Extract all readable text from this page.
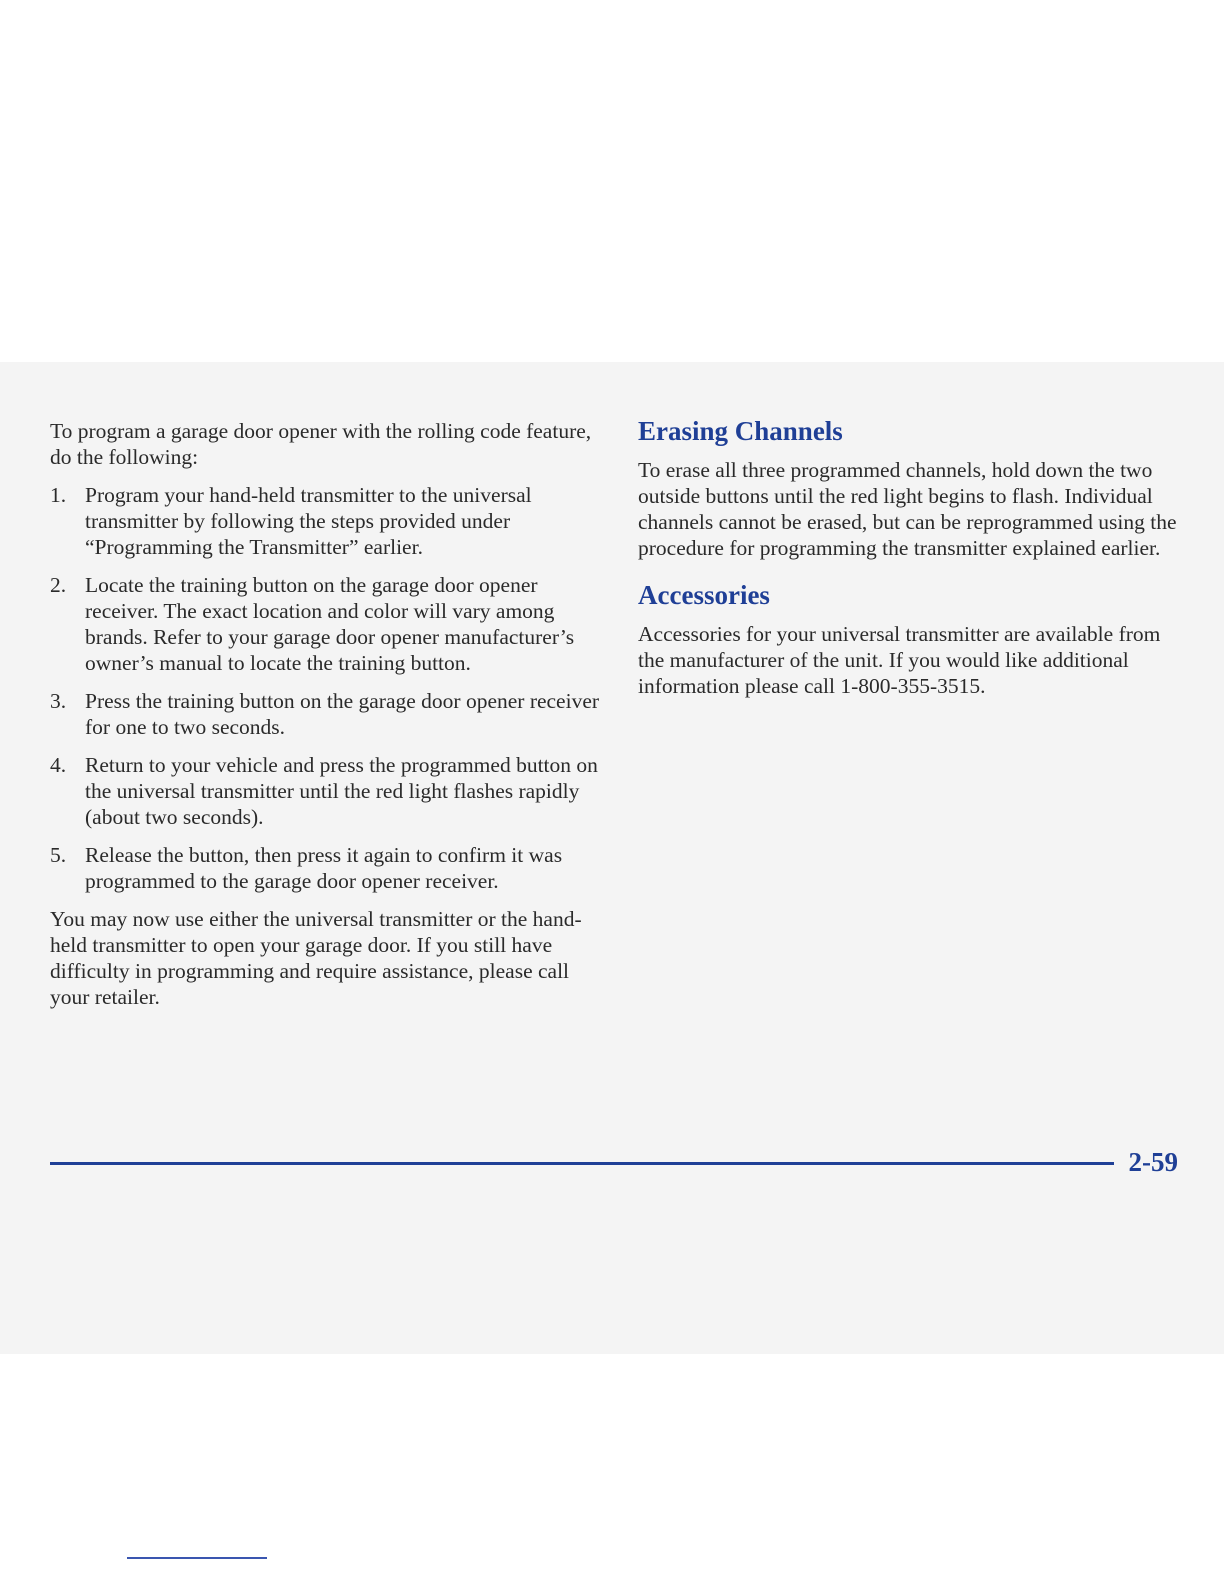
To program a garage door opener with the rolling code feature, do the following:

1. Program your hand-held transmitter to the universal transmitter by following the steps provided under “Programming the Transmitter” earlier.
2. Locate the training button on the garage door opener receiver. The exact location and color will vary among brands. Refer to your garage door opener manufacturer’s owner’s manual to locate the training button.
3. Press the training button on the garage door opener receiver for one to two seconds.
4. Return to your vehicle and press the programmed button on the universal transmitter until the red light flashes rapidly (about two seconds).
5. Release the button, then press it again to confirm it was programmed to the garage door opener receiver.

You may now use either the universal transmitter or the hand-held transmitter to open your garage door. If you still have difficulty in programming and require assistance, please call your retailer.

Erasing Channels

To erase all three programmed channels, hold down the two outside buttons until the red light begins to flash. Individual channels cannot be erased, but can be reprogrammed using the procedure for programming the transmitter explained earlier.

Accessories

Accessories for your universal transmitter are available from the manufacturer of the unit. If you would like additional information please call 1-800-355-3515.

2-59
